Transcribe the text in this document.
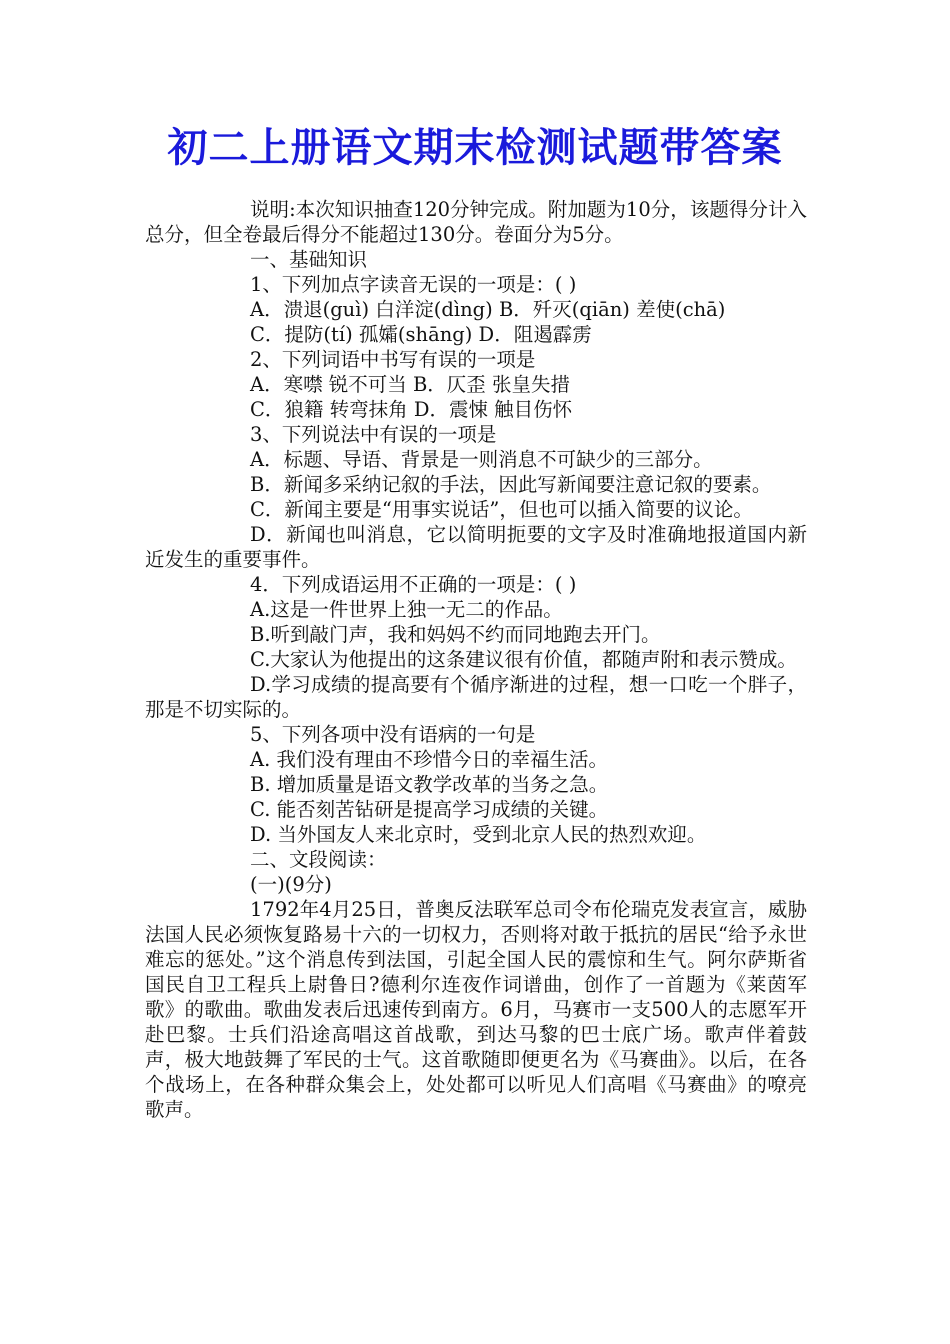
初二上册语文期末检测试题带答案

说明:本次知识抽查120分钟完成。附加题为10分，该题得分计入总分，但全卷最后得分不能超过130分。卷面分为5分。

一、基础知识

1、下列加点字读音无误的一项是：( )

A．溃退(guì) 白洋淀(dìng) B．歼灭(qiān) 差使(chā)

C．提防(tí) 孤孀(shāng) D．阻遏霹雳

2、下列词语中书写有误的一项是

A．寒噤 锐不可当 B．仄歪 张皇失措

C．狼籍 转弯抹角 D．震悚 触目伤怀

3、下列说法中有误的一项是

A．标题、导语、背景是一则消息不可缺少的三部分。

B．新闻多采纳记叙的手法，因此写新闻要注意记叙的要素。

C．新闻主要是“用事实说话”，但也可以插入简要的议论。

D．新闻也叫消息，它以简明扼要的文字及时准确地报道国内新近发生的重要事件。

4．下列成语运用不正确的一项是：( )

A.这是一件世界上独一无二的作品。

B.听到敲门声，我和妈妈不约而同地跑去开门。

C.大家认为他提出的这条建议很有价值，都随声附和表示赞成。

D.学习成绩的提高要有个循序渐进的过程，想一口吃一个胖子，那是不切实际的。

5、下列各项中没有语病的一句是

A. 我们没有理由不珍惜今日的幸福生活。

B. 增加质量是语文教学改革的当务之急。

C. 能否刻苦钻研是提高学习成绩的关键。

D. 当外国友人来北京时，受到北京人民的热烈欢迎。

二、文段阅读：

(一)(9分)

1792年4月25日，普奥反法联军总司令布伦瑞克发表宣言，威胁法国人民必须恢复路易十六的一切权力，否则将对敢于抵抗的居民“给予永世难忘的惩处。”这个消息传到法国，引起全国人民的震惊和生气。阿尔萨斯省国民自卫工程兵上尉鲁日?德利尔连夜作词谱曲，创作了一首题为《莱茵军歌》的歌曲。歌曲发表后迅速传到南方。6月，马赛市一支500人的志愿军开赴巴黎。士兵们沿途高唱这首战歌，到达马黎的巴士底广场。歌声伴着鼓声，极大地鼓舞了军民的士气。这首歌随即便更名为《马赛曲》。以后，在各个战场上，在各种群众集会上，处处都可以听见人们高唱《马赛曲》的嘹亮歌声。
